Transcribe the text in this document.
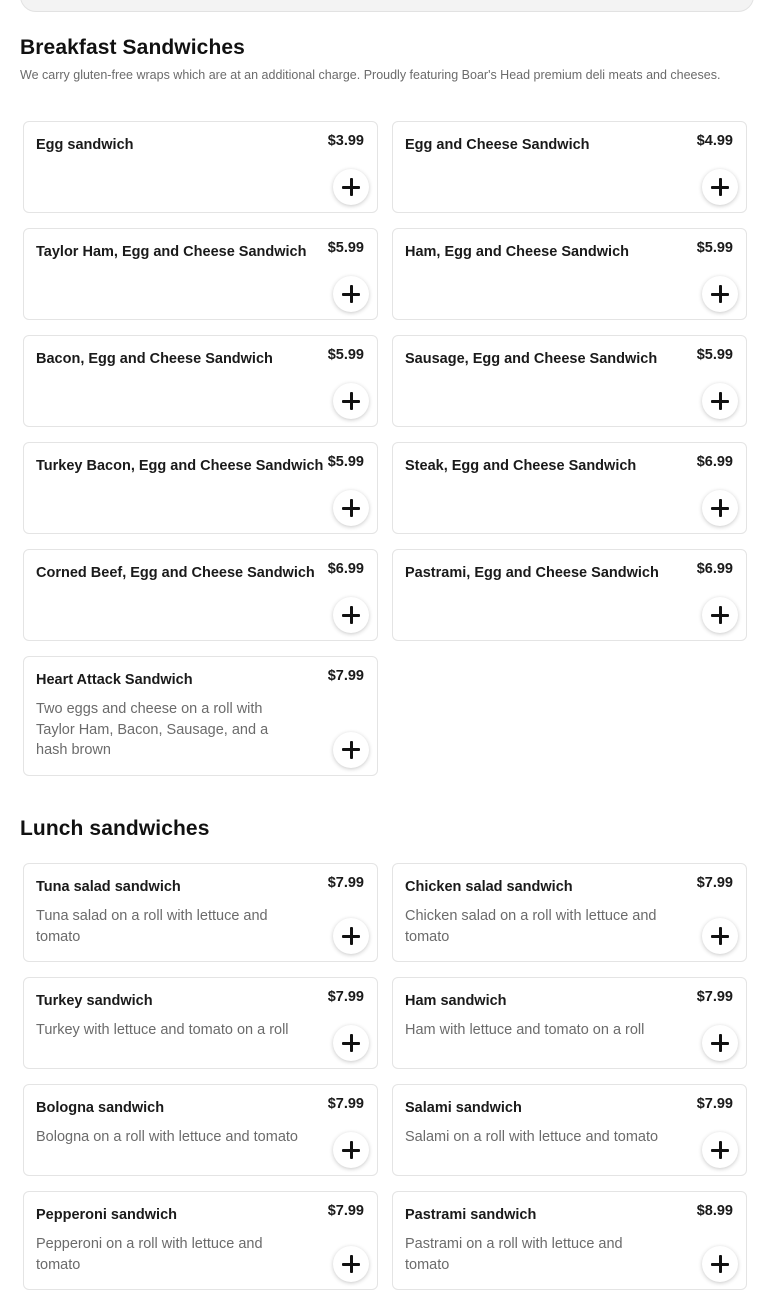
Breakfast Sandwiches

We carry gluten-free wraps which are at an additional charge. Proudly featuring Boar's Head premium deli meats and cheeses.

Egg sandwich	$3.99	Egg and Cheese Sandwich	$4.99
Taylor Ham, Egg and Cheese Sandwich $5.99	Ham, Egg and Cheese Sandwich	$5.99
Bacon, Egg and Cheese Sandwich	$5.99	Sausage, Egg and Cheese Sandwich	$5.99
Turkey Bacon, Egg and Cheese Sandwich $5.99	Steak, Egg and Cheese Sandwich	$6.99
Corned Beef, Egg and Cheese Sandwich $6.99	Pastrami, Egg and Cheese Sandwich	$6.99
Heart Attack Sandwich	$7.99
Two eggs and cheese on a roll with Taylor Ham, Bacon, Sausage, and a hash brown
Lunch sandwiches
Tuna salad sandwich	$7.99
Tuna salad on a roll with lettuce and tomato
Chicken salad sandwich	$7.99
Chicken salad on a roll with lettuce and tomato
Turkey sandwich	$7.99
Turkey with lettuce and tomato on a roll
Ham sandwich	$7.99
Ham with lettuce and tomato on a roll
Bologna sandwich	$7.99
Bologna on a roll with lettuce and tomato
Salami sandwich	$7.99
Salami on a roll with lettuce and tomato
Pepperoni sandwich	$7.99
Pepperoni on a roll with lettuce and tomato
Pastrami sandwich	$8.99
Pastrami on a roll with lettuce and tomato
